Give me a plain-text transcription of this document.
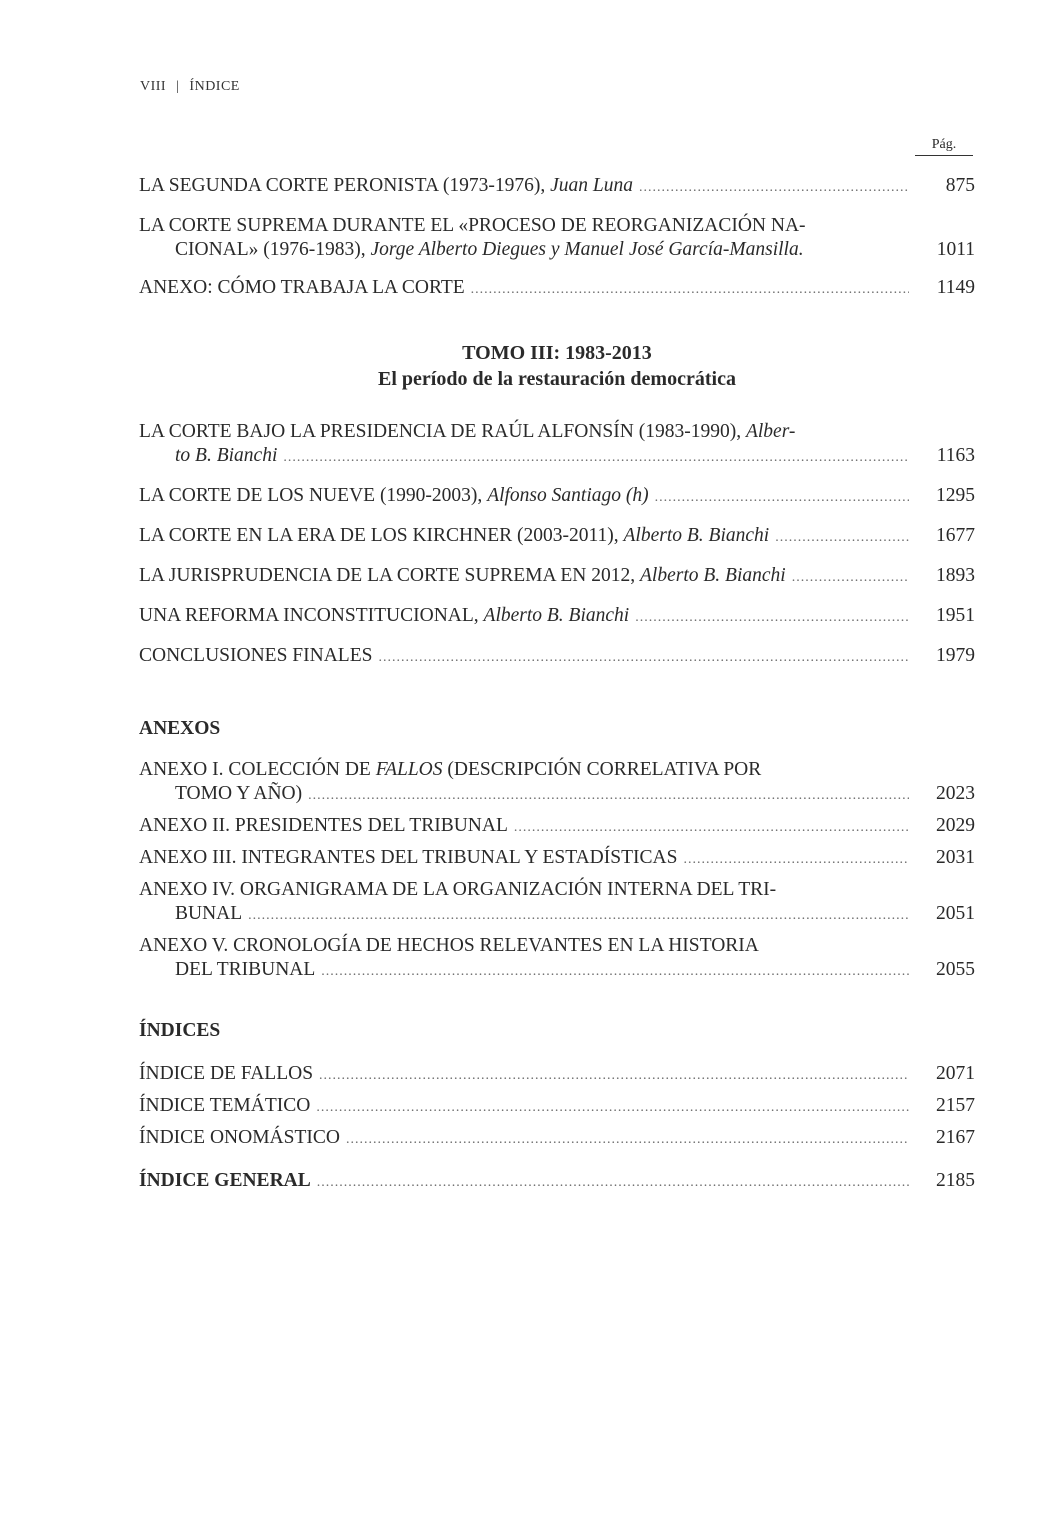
VIII | ÍNDICE
Pág.
LA SEGUNDA CORTE PERONISTA (1973-1976),
Juan Luna .....	875
LA CORTE SUPREMA DURANTE EL «PROCESO DE REORGANIZACIÓN NA-
CIONAL» (1976-1983),
Jorge Alberto Diegues y Manuel José García-Mansilla.	1011
ANEXO: CÓMO TRABAJA LA CORTE .....	1149
TOMO III: 1983-2013
El período de la restauración democrática
LA CORTE BAJO LA PRESIDENCIA DE RAÚL ALFONSÍN (1983-1990),
Alber-
to B. Bianchi .....	1163
LA CORTE DE LOS NUEVE (1990-2003),
Alfonso Santiago (h) .....	1295
LA CORTE EN LA ERA DE LOS KIRCHNER (2003-2011),
Alberto B. Bianchi .....	1677
LA JURISPRUDENCIA DE LA CORTE SUPREMA EN 2012,
Alberto B. Bianchi .....	1893
UNA REFORMA INCONSTITUCIONAL,
Alberto B. Bianchi .....	1951
CONCLUSIONES FINALES .....	1979
ANEXOS
ANEXO I. COLECCIÓN DE
FALLOS
(DESCRIPCIÓN CORRELATIVA POR
TOMO Y AÑO) .....	2023
ANEXO II. PRESIDENTES DEL TRIBUNAL .....	2029
ANEXO III. INTEGRANTES DEL TRIBUNAL Y ESTADÍSTICAS .....	2031
ANEXO IV. ORGANIGRAMA DE LA ORGANIZACIÓN INTERNA DEL TRI-
BUNAL .....	2051
ANEXO V. CRONOLOGÍA DE HECHOS RELEVANTES EN LA HISTORIA
DEL TRIBUNAL .....	2055
ÍNDICES
ÍNDICE DE FALLOS .....	2071
ÍNDICE TEMÁTICO .....	2157
ÍNDICE ONOMÁSTICO .....	2167
ÍNDICE GENERAL .....	2185
